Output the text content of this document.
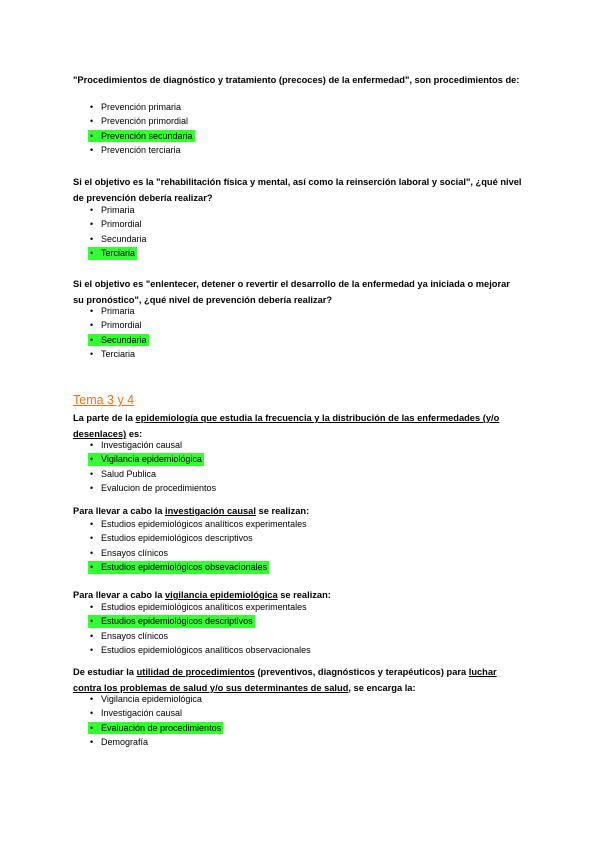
"Procedimientos de diagnóstico y tratamiento (precoces) de la enfermedad", son procedimientos de:

• Prevención primaria
• Prevención primordial
• Prevención secundaria
• Prevención terciaria

Si el objetivo es la "rehabilitación física y mental, así como la reinserción laboral y social", ¿qué nivel de prevención debería realizar?

• Primaria
• Primordial
• Secundaria
• Terciaria

Si el objetivo es "enlentecer, detener o revertir el desarrollo de la enfermedad ya iniciada o mejorar su pronóstico", ¿qué nivel de prevención debería realizar?

• Primaria
• Primordial
• Secundaria
• Terciaria
Tema 3 y 4

La parte de la epidemiología que estudia la frecuencia y la distribución de las enfermedades (y/o desenlaces) es:

• Investigación causal
• Vigilancia epidemiológica
• Salud Publica
• Evalucion de procedimientos

Para llevar a cabo la investigación causal se realizan:

• Estudios epidemiológicos analíticos experimentales
• Estudios epidemiológicos descriptivos
• Ensayos clínicos
• Estudios epidemiológicos obsevacionales

Para llevar a cabo la vigilancia epidemiológica se realizan:

• Estudios epidemiológicos analíticos experimentales
• Estudios epidemiológicos descriptivos
• Ensayos clínicos
• Estudios epidemiológicos analíticos observacionales

De estudiar la utilidad de procedimientos (preventivos, diagnósticos y terapéuticos) para luchar contra los problemas de salud y/o sus determinantes de salud, se encarga la:

• Vigilancia epidemiológica
• Investigación causal
• Evaluación de procedimientos
• Demografía
